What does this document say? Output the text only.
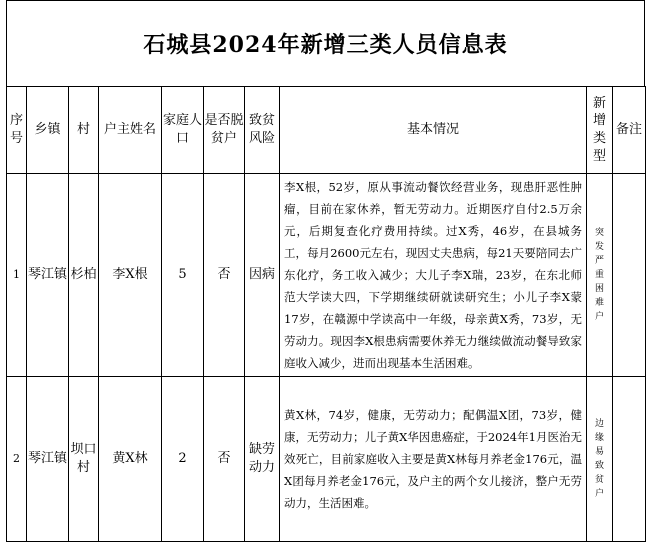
石城县2024年新增三类人员信息表
序号	乡镇	村	户主姓名	家庭人口	是否脱贫户	致贫风险	基本情况	新增类型	备注
1	琴江镇	杉柏	李X根	5	否	因病	李X根，52岁，原从事流动餐饮经营业务，现患肝恶性肿瘤，目前在家休养，暂无劳动力。近期医疗自付2.5万余元，后期复查化疗费用持续。过X秀，46岁，在县城务工，每月2600元左右，现因丈夫患病，每21天要陪同去广东化疗，务工收入减少；大儿子李X瑞，23岁，在东北师范大学读大四，下学期继续研就读研究生；小儿子李X蒙17岁，在赣源中学读高中一年级，母亲黄X秀，73岁，无劳动力。现因李X根患病需要休养无力继续做流动餐导致家庭收入减少，进而出现基本生活困难。	突发严重困难户	
2	琴江镇	坝口村	黄X林	2	否	缺劳动力	黄X林，74岁，健康，无劳动力；配偶温X团，73岁，健康，无劳动力；儿子黄X华因患癌症，于2024年1月医治无效死亡，目前家庭收入主要是黄X林每月养老金176元，温X团每月养老金176元，及户主的两个女儿接济，整户无劳动力，生活困难。	边缘易致贫户	
